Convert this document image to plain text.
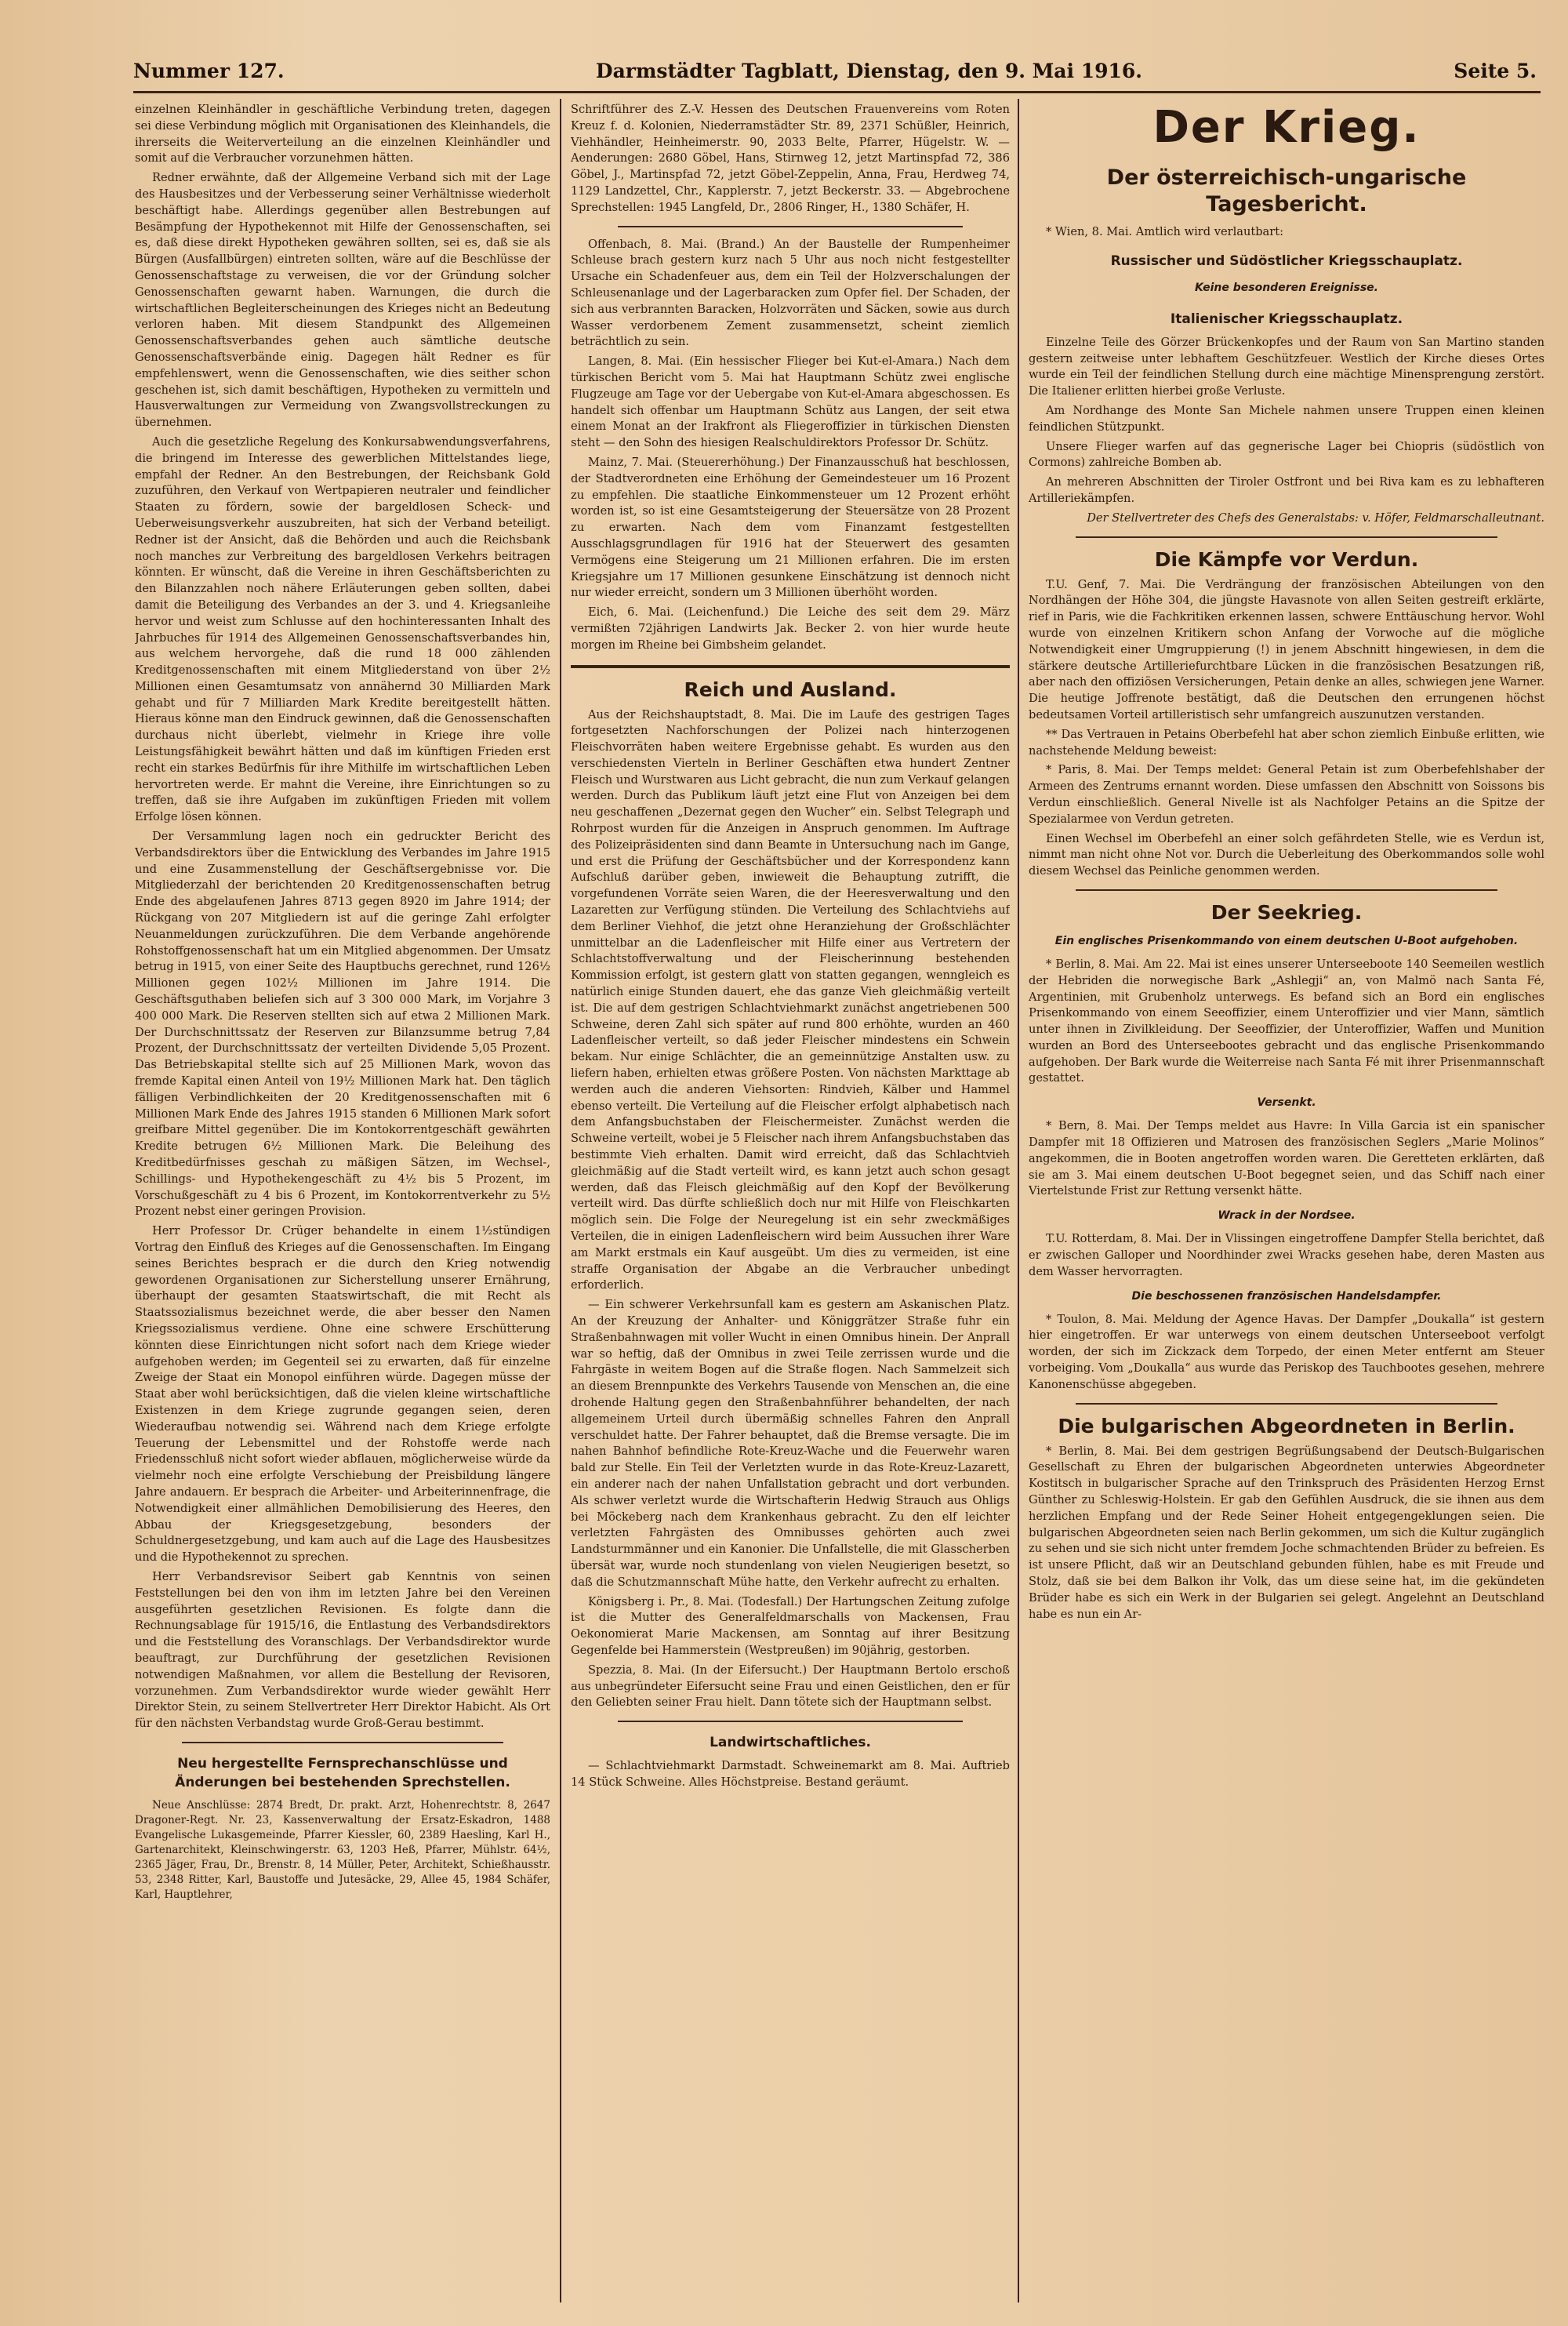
Nummer 127.	Darmstädter Tagblatt, Dienstag, den 9. Mai 1916.	Seite 5.

einzelnen Kleinhändler in geschäftliche Verbindung treten, dagegen sei diese Verbindung möglich mit Organisationen des Kleinhandels, die ihrerseits die Weiterverteilung an die einzelnen Kleinhändler und somit auf die Verbraucher vorzunehmen hätten.

Redner erwähnte, daß der Allgemeine Verband sich mit der Lage des Hausbesitzes und der Verbesserung seiner Verhältnisse wiederholt beschäftigt habe. Allerdings gegenüber allen Bestrebungen auf Besämpfung der Hypothekennot mit Hilfe der Genossenschaften, sei es, daß diese direkt Hypotheken gewähren sollten, sei es, daß sie als Bürgen (Ausfallbürgen) eintreten sollten, wäre auf die Beschlüsse der Genossenschaftstage zu verweisen, die vor der Gründung solcher Genossenschaften gewarnt haben. Warnungen, die durch die wirtschaftlichen Begleiterscheinungen des Krieges nicht an Bedeutung verloren haben. Mit diesem Standpunkt des Allgemeinen Genossenschaftsverbandes gehen auch sämtliche deutsche Genossenschaftsverbände einig. Dagegen hält Redner es für empfehlenswert, wenn die Genossenschaften, wie dies seither schon geschehen ist, sich damit beschäftigen, Hypotheken zu vermitteln und Hausverwaltungen zur Vermeidung von Zwangsvollstreckungen zu übernehmen.

Auch die gesetzliche Regelung des Konkursabwendungsverfahrens, die bringend im Interesse des gewerblichen Mittelstandes liege, empfahl der Redner. An den Bestrebungen, der Reichsbank Gold zuzuführen, den Verkauf von Wertpapieren neutraler und feindlicher Staaten zu fördern, sowie der bargeldlosen Scheck- und Ueberweisungsverkehr auszubreiten, hat sich der Verband beteiligt. Redner ist der Ansicht, daß die Behörden und auch die Reichsbank noch manches zur Verbreitung des bargeldlosen Verkehrs beitragen könnten. Er wünscht, daß die Vereine in ihren Geschäftsberichten zu den Bilanzzahlen noch nähere Erläuterungen geben sollten, dabei damit die Beteiligung des Verbandes an der 3. und 4. Kriegsanleihe hervor und weist zum Schlusse auf den hochinteressanten Inhalt des Jahrbuches für 1914 des Allgemeinen Genossenschaftsverbandes hin, aus welchem hervorgehe, daß die rund 18 000 zählenden Kreditgenossenschaften mit einem Mitgliederstand von über 2½ Millionen einen Gesamtumsatz von annähernd 30 Milliarden Mark gehabt und für 7 Milliarden Mark Kredite bereitgestellt hätten. Hieraus könne man den Eindruck gewinnen, daß die Genossenschaften durchaus nicht überlebt, vielmehr in Kriege ihre volle Leistungsfähigkeit bewährt hätten und daß im künftigen Frieden erst recht ein starkes Bedürfnis für ihre Mithilfe im wirtschaftlichen Leben hervortreten werde. Er mahnt die Vereine, ihre Einrichtungen so zu treffen, daß sie ihre Aufgaben im zukünftigen Frieden mit vollem Erfolge lösen können.

Der Versammlung lagen noch ein gedruckter Bericht des Verbandsdirektors über die Entwicklung des Verbandes im Jahre 1915 und eine Zusammenstellung der Geschäftsergebnisse vor. Die Mitgliederzahl der berichtenden 20 Kreditgenossenschaften betrug Ende des abgelaufenen Jahres 8713 gegen 8920 im Jahre 1914; der Rückgang von 207 Mitgliedern ist auf die geringe Zahl erfolgter Neuanmeldungen zurückzuführen. Die dem Verbande angehörende Rohstoffgenossenschaft hat um ein Mitglied abgenommen. Der Umsatz betrug in 1915, von einer Seite des Hauptbuchs gerechnet, rund 126½ Millionen gegen 102½ Millionen im Jahre 1914. Die Geschäftsguthaben beliefen sich auf 3 300 000 Mark, im Vorjahre 3 400 000 Mark. Die Reserven stellten sich auf etwa 2 Millionen Mark. Der Durchschnittssatz der Reserven zur Bilanzsumme betrug 7,84 Prozent, der Durchschnittssatz der verteilten Dividende 5,05 Prozent. Das Betriebskapital stellte sich auf 25 Millionen Mark, wovon das fremde Kapital einen Anteil von 19½ Millionen Mark hat. Den täglich fälligen Verbindlichkeiten der 20 Kreditgenossenschaften mit 6 Millionen Mark Ende des Jahres 1915 standen 6 Millionen Mark sofort greifbare Mittel gegenüber. Die im Kontokorrentgeschäft gewährten Kredite betrugen 6½ Millionen Mark. Die Beleihung des Kreditbedürfnisses geschah zu mäßigen Sätzen, im Wechsel-, Schillings- und Hypothekengeschäft zu 4½ bis 5 Prozent, im Vorschußgeschäft zu 4 bis 6 Prozent, im Kontokorrentverkehr zu 5½ Prozent nebst einer geringen Provision.

Herr Professor Dr. Crüger behandelte in einem 1½stündigen Vortrag den Einfluß des Krieges auf die Genossenschaften. Im Eingang seines Berichtes besprach er die durch den Krieg notwendig gewordenen Organisationen zur Sicherstellung unserer Ernährung, überhaupt der gesamten Staatswirtschaft, die mit Recht als Staatssozialismus bezeichnet werde, die aber besser den Namen Kriegssozialismus verdiene. Ohne eine schwere Erschütterung könnten diese Einrichtungen nicht sofort nach dem Kriege wieder aufgehoben werden; im Gegenteil sei zu erwarten, daß für einzelne Zweige der Staat ein Monopol einführen würde. Dagegen müsse der Staat aber wohl berücksichtigen, daß die vielen kleine wirtschaftliche Existenzen in dem Kriege zugrunde gegangen seien, deren Wiederaufbau notwendig sei. Während nach dem Kriege erfolgte Teuerung der Lebensmittel und der Rohstoffe werde nach Friedensschluß nicht sofort wieder abflauen, möglicherweise würde da vielmehr noch eine erfolgte Verschiebung der Preisbildung längere Jahre andauern. Er besprach die Arbeiter- und Arbeiterinnenfrage, die Notwendigkeit einer allmählichen Demobilisierung des Heeres, den Abbau der Kriegsgesetzgebung, besonders der Schuldnergesetzgebung, und kam auch auf die Lage des Hausbesitzes und die Hypothekennot zu sprechen.

Herr Verbandsrevisor Seibert gab Kenntnis von seinen Feststellungen bei den von ihm im letzten Jahre bei den Vereinen ausgeführten gesetzlichen Revisionen. Es folgte dann die Rechnungsablage für 1915/16, die Entlastung des Verbandsdirektors und die Feststellung des Voranschlags. Der Verbandsdirektor wurde beauftragt, zur Durchführung der gesetzlichen Revisionen notwendigen Maßnahmen, vor allem die Bestellung der Revisoren, vorzunehmen. Zum Verbandsdirektor wurde wieder gewählt Herr Direktor Stein, zu seinem Stellvertreter Herr Direktor Habicht. Als Ort für den nächsten Verbandstag wurde Groß-Gerau bestimmt.

Neu hergestellte Fernsprechanschlüsse und Änderungen bei bestehenden Sprechstellen.

Neue Anschlüsse: 2874 Bredt, Dr. prakt. Arzt, Hohenrechtstr. 8, 2647 Dragoner-Regt. Nr. 23, Kassenverwaltung der Ersatz-Eskadron, 1488 Evangelische Lukasgemeinde, Pfarrer Kiessler, 60, 2389 Haesling, Karl H., Gartenarchitekt, Kleinschwingerstr. 63, 1203 Heß, Pfarrer, Mühlstr. 64½, 2365 Jäger, Frau, Dr., Brenstr. 8, 14 Müller, Peter, Architekt, Schießhausstr. 53, 2348 Ritter, Karl, Baustoffe und Jutesäcke, 29, Allee 45, 1984 Schäfer, Karl, Hauptlehrer,

Schriftführer des Z.-V. Hessen des Deutschen Frauenvereins vom Roten Kreuz f. d. Kolonien, Niederramstädter Str. 89, 2371 Schüßler, Heinrich, Viehhändler, Heinheimerstr. 90, 2033 Belte, Pfarrer, Hügelstr. W. — Aenderungen: 2680 Göbel, Hans, Stirnweg 12, jetzt Martinspfad 72, 386 Göbel, J., Martinspfad 72, jetzt Göbel-Zeppelin, Anna, Frau, Herdweg 74, 1129 Landzettel, Chr., Kapplerstr. 7, jetzt Beckerstr. 33. — Abgebrochene Sprechstellen: 1945 Langfeld, Dr., 2806 Ringer, H., 1380 Schäfer, H.

Offenbach, 8. Mai. (Brand.) An der Baustelle der Rumpenheimer Schleuse brach gestern kurz nach 5 Uhr aus noch nicht festgestellter Ursache ein Schadenfeuer aus, dem ein Teil der Holzverschalungen der Schleusenanlage und der Lagerbaracken zum Opfer fiel. Der Schaden, der sich aus verbrannten Baracken, Holzvorräten und Säcken, sowie aus durch Wasser verdorbenem Zement zusammensetzt, scheint ziemlich beträchtlich zu sein.

Langen, 8. Mai. (Ein hessischer Flieger bei Kut-el-Amara.) Nach dem türkischen Bericht vom 5. Mai hat Hauptmann Schütz zwei englische Flugzeuge am Tage vor der Uebergabe von Kut-el-Amara abgeschossen. Es handelt sich offenbar um Hauptmann Schütz aus Langen, der seit etwa einem Monat an der Irakfront als Fliegeroffizier in türkischen Diensten steht — den Sohn des hiesigen Realschuldirektors Professor Dr. Schütz.

Mainz, 7. Mai. (Steuererhöhung.) Der Finanzausschuß hat beschlossen, der Stadtverordneten eine Erhöhung der Gemeindesteuer um 16 Prozent zu empfehlen. Die staatliche Einkommensteuer um 12 Prozent erhöht worden ist, so ist eine Gesamtsteigerung der Steuersätze von 28 Prozent zu erwarten. Nach dem vom Finanzamt festgestellten Ausschlagsgrundlagen für 1916 hat der Steuerwert des gesamten Vermögens eine Steigerung um 21 Millionen erfahren. Die im ersten Kriegsjahre um 17 Millionen gesunkene Einschätzung ist dennoch nicht nur wieder erreicht, sondern um 3 Millionen überhöht worden.

Eich, 6. Mai. (Leichenfund.) Die Leiche des seit dem 29. März vermißten 72jährigen Landwirts Jak. Becker 2. von hier wurde heute morgen im Rheine bei Gimbsheim gelandet.

Reich und Ausland.

Aus der Reichshauptstadt, 8. Mai. Die im Laufe des gestrigen Tages fortgesetzten Nachforschungen der Polizei nach hinterzogenen Fleischvorräten haben weitere Ergebnisse gehabt. Es wurden aus den verschiedensten Vierteln in Berliner Geschäften etwa hundert Zentner Fleisch und Wurstwaren aus Licht gebracht, die nun zum Verkauf gelangen werden. Durch das Publikum läuft jetzt eine Flut von Anzeigen bei dem neu geschaffenen „Dezernat gegen den Wucher“ ein. Selbst Telegraph und Rohrpost wurden für die Anzeigen in Anspruch genommen. Im Auftrage des Polizeipräsidenten sind dann Beamte in Untersuchung nach im Gange, und erst die Prüfung der Geschäftsbücher und der Korrespondenz kann Aufschluß darüber geben, inwieweit die Behauptung zutrifft, die vorgefundenen Vorräte seien Waren, die der Heeresverwaltung und den Lazaretten zur Verfügung stünden. Die Verteilung des Schlachtviehs auf dem Berliner Viehhof, die jetzt ohne Heranziehung der Großschlächter unmittelbar an die Ladenfleischer mit Hilfe einer aus Vertretern der Schlachtstoffverwaltung und der Fleischerinnung bestehenden Kommission erfolgt, ist gestern glatt von statten gegangen, wenngleich es natürlich einige Stunden dauert, ehe das ganze Vieh gleichmäßig verteilt ist. Die auf dem gestrigen Schlachtviehmarkt zunächst angetriebenen 500 Schweine, deren Zahl sich später auf rund 800 erhöhte, wurden an 460 Ladenfleischer verteilt, so daß jeder Fleischer mindestens ein Schwein bekam. Nur einige Schlächter, die an gemeinnützige Anstalten usw. zu liefern haben, erhielten etwas größere Posten. Von nächsten Markttage ab werden auch die anderen Viehsorten: Rindvieh, Kälber und Hammel ebenso verteilt. Die Verteilung auf die Fleischer erfolgt alphabetisch nach dem Anfangsbuchstaben der Fleischermeister. Zunächst werden die Schweine verteilt, wobei je 5 Fleischer nach ihrem Anfangsbuchstaben das bestimmte Vieh erhalten. Damit wird erreicht, daß das Schlachtvieh gleichmäßig auf die Stadt verteilt wird, es kann jetzt auch schon gesagt werden, daß das Fleisch gleichmäßig auf den Kopf der Bevölkerung verteilt wird. Das dürfte schließlich doch nur mit Hilfe von Fleischkarten möglich sein. Die Folge der Neuregelung ist ein sehr zweckmäßiges Verteilen, die in einigen Ladenfleischern wird beim Aussuchen ihrer Ware am Markt erstmals ein Kauf ausgeübt. Um dies zu vermeiden, ist eine straffe Organisation der Abgabe an die Verbraucher unbedingt erforderlich.

— Ein schwerer Verkehrsunfall kam es gestern am Askanischen Platz. An der Kreuzung der Anhalter- und Königgrätzer Straße fuhr ein Straßenbahnwagen mit voller Wucht in einen Omnibus hinein. Der Anprall war so heftig, daß der Omnibus in zwei Teile zerrissen wurde und die Fahrgäste in weitem Bogen auf die Straße flogen. Nach Sammelzeit sich an diesem Brennpunkte des Verkehrs Tausende von Menschen an, die eine drohende Haltung gegen den Straßenbahnführer behandelten, der nach allgemeinem Urteil durch übermäßig schnelles Fahren den Anprall verschuldet hatte. Der Fahrer behauptet, daß die Bremse versagte. Die im nahen Bahnhof befindliche Rote-Kreuz-Wache und die Feuerwehr waren bald zur Stelle. Ein Teil der Verletzten wurde in das Rote-Kreuz-Lazarett, ein anderer nach der nahen Unfallstation gebracht und dort verbunden. Als schwer verletzt wurde die Wirtschafterin Hedwig Strauch aus Ohligs bei Möckeberg nach dem Krankenhaus gebracht. Zu den elf leichter verletzten Fahrgästen des Omnibusses gehörten auch zwei Landsturmmänner und ein Kanonier. Die Unfallstelle, die mit Glasscherben übersät war, wurde noch stundenlang von vielen Neugierigen besetzt, so daß die Schutzmannschaft Mühe hatte, den Verkehr aufrecht zu erhalten.

Königsberg i. Pr., 8. Mai. (Todesfall.) Der Hartungschen Zeitung zufolge ist die Mutter des Generalfeldmarschalls von Mackensen, Frau Oekonomierat Marie Mackensen, am Sonntag auf ihrer Besitzung Gegenfelde bei Hammerstein (Westpreußen) im 90jährig, gestorben.

Spezzia, 8. Mai. (In der Eifersucht.) Der Hauptmann Bertolo erschoß aus unbegründeter Eifersucht seine Frau und einen Geistlichen, den er für den Geliebten seiner Frau hielt. Dann tötete sich der Hauptmann selbst.

Landwirtschaftliches.

— Schlachtviehmarkt Darmstadt. Schweinemarkt am 8. Mai. Auftrieb 14 Stück Schweine. Alles Höchstpreise. Bestand geräumt.

Der Krieg.
Der österreichisch-ungarische Tagesbericht.

* Wien, 8. Mai. Amtlich wird verlautbart:

Russischer und Südöstlicher Kriegsschauplatz.
Keine besonderen Ereignisse.
Italienischer Kriegsschauplatz.

Einzelne Teile des Görzer Brückenkopfes und der Raum von San Martino standen gestern zeitweise unter lebhaftem Geschützfeuer. Westlich der Kirche dieses Ortes wurde ein Teil der feindlichen Stellung durch eine mächtige Minensprengung zerstört. Die Italiener erlitten hierbei große Verluste.

Am Nordhange des Monte San Michele nahmen unsere Truppen einen kleinen feindlichen Stützpunkt.

Unsere Flieger warfen auf das gegnerische Lager bei Chiopris (südöstlich von Cormons) zahlreiche Bomben ab.

An mehreren Abschnitten der Tiroler Ostfront und bei Riva kam es zu lebhafteren Artilleriekämpfen.

Der Stellvertreter des Chefs des Generalstabs: v. Höfer, Feldmarschalleutnant.
Die Kämpfe vor Verdun.

T.U. Genf, 7. Mai. Die Verdrängung der französischen Abteilungen von den Nordhängen der Höhe 304, die jüngste Havasnote von allen Seiten gestreift erklärte, rief in Paris, wie die Fachkritiken erkennen lassen, schwere Enttäuschung hervor. Wohl wurde von einzelnen Kritikern schon Anfang der Vorwoche auf die mögliche Notwendigkeit einer Umgruppierung (!) in jenem Abschnitt hingewiesen, in dem die stärkere deutsche Artilleriefurchtbare Lücken in die französischen Besatzungen riß, aber nach den offiziösen Versicherungen, Petain denke an alles, schwiegen jene Warner. Die heutige Joffrenote bestätigt, daß die Deutschen den errungenen höchst bedeutsamen Vorteil artilleristisch sehr umfangreich auszunutzen verstanden.

** Das Vertrauen in Petains Oberbefehl hat aber schon ziemlich Einbuße erlitten, wie nachstehende Meldung beweist:

* Paris, 8. Mai. Der Temps meldet: General Petain ist zum Oberbefehlshaber der Armeen des Zentrums ernannt worden. Diese umfassen den Abschnitt von Soissons bis Verdun einschließlich. General Nivelle ist als Nachfolger Petains an die Spitze der Spezialarmee von Verdun getreten.

Einen Wechsel im Oberbefehl an einer solch gefährdeten Stelle, wie es Verdun ist, nimmt man nicht ohne Not vor. Durch die Ueberleitung des Oberkommandos solle wohl diesem Wechsel das Peinliche genommen werden.

Der Seekrieg.
Ein englisches Prisenkommando von einem deutschen U-Boot aufgehoben.

* Berlin, 8. Mai. Am 22. Mai ist eines unserer Unterseeboote 140 Seemeilen westlich der Hebriden die norwegische Bark „Ashlegji“ an, von Malmö nach Santa Fé, Argentinien, mit Grubenholz unterwegs. Es befand sich an Bord ein englisches Prisenkommando von einem Seeoffizier, einem Unteroffizier und vier Mann, sämtlich unter ihnen in Zivilkleidung. Der Seeoffizier, der Unteroffizier, Waffen und Munition wurden an Bord des Unterseebootes gebracht und das englische Prisenkommando aufgehoben. Der Bark wurde die Weiterreise nach Santa Fé mit ihrer Prisenmannschaft gestattet.

Versenkt.

* Bern, 8. Mai. Der Temps meldet aus Havre: In Villa Garcia ist ein spanischer Dampfer mit 18 Offizieren und Matrosen des französischen Seglers „Marie Molinos“ angekommen, die in Booten angetroffen worden waren. Die Geretteten erklärten, daß sie am 3. Mai einem deutschen U-Boot begegnet seien, und das Schiff nach einer Viertelstunde Frist zur Rettung versenkt hätte.

Wrack in der Nordsee.

T.U. Rotterdam, 8. Mai. Der in Vlissingen eingetroffene Dampfer Stella berichtet, daß er zwischen Galloper und Noordhinder zwei Wracks gesehen habe, deren Masten aus dem Wasser hervorragten.

Die beschossenen französischen Handelsdampfer.

* Toulon, 8. Mai. Meldung der Agence Havas. Der Dampfer „Doukalla“ ist gestern hier eingetroffen. Er war unterwegs von einem deutschen Unterseeboot verfolgt worden, der sich im Zickzack dem Torpedo, der einen Meter entfernt am Steuer vorbeiging. Vom „Doukalla“ aus wurde das Periskop des Tauchbootes gesehen, mehrere Kanonenschüsse abgegeben.

Die bulgarischen Abgeordneten in Berlin.

* Berlin, 8. Mai. Bei dem gestrigen Begrüßungsabend der Deutsch-Bulgarischen Gesellschaft zu Ehren der bulgarischen Abgeordneten unterwies Abgeordneter Kostitsch in bulgarischer Sprache auf den Trinkspruch des Präsidenten Herzog Ernst Günther zu Schleswig-Holstein. Er gab den Gefühlen Ausdruck, die sie ihnen aus dem herzlichen Empfang und der Rede Seiner Hoheit entgegengeklungen seien. Die bulgarischen Abgeordneten seien nach Berlin gekommen, um sich die Kultur zugänglich zu sehen und sie sich nicht unter fremdem Joche schmachtenden Brüder zu befreien. Es ist unsere Pflicht, daß wir an Deutschland gebunden fühlen, habe es mit Freude und Stolz, daß sie bei dem Balkon ihr Volk, das um diese seine hat, im die gekündeten Brüder habe es sich ein Werk in der Bulgarien sei gelegt. Angelehnt an Deutschland habe es nun ein Ar-
